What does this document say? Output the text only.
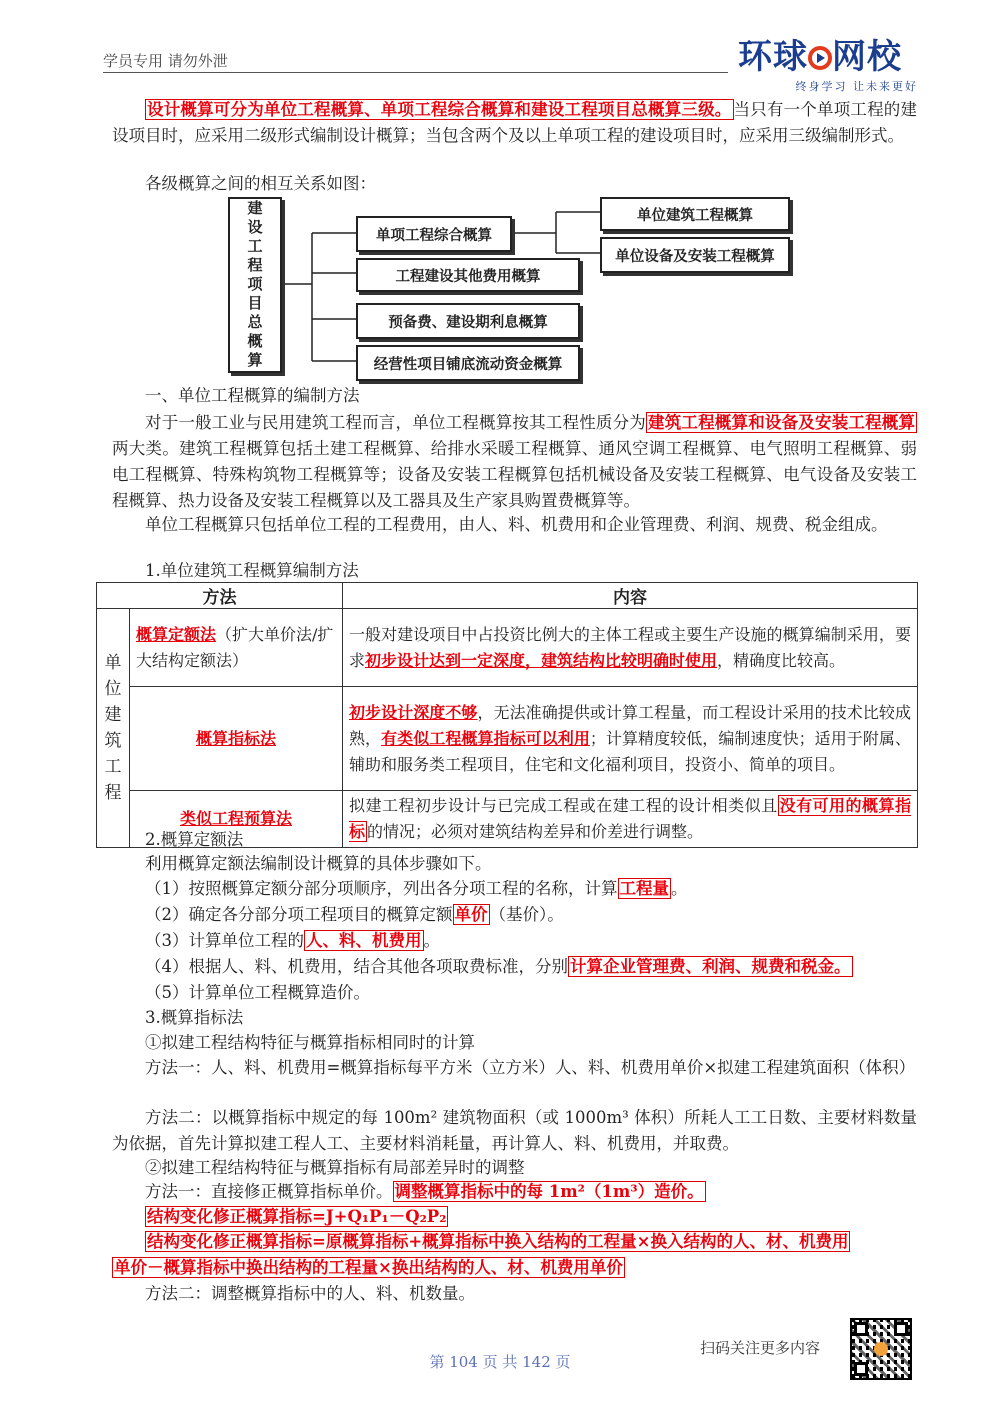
学员专用 请勿外泄	环球 网校
终身学习 让未来更好
设计概算可分为单位工程概算、单项工程综合概算和建设工程项目总概算三级。 当只有一个单项工程的建设项目时，应采用二级形式编制设计概算；当包含两个及以上单项工程的建设项目时，应采用三级编制形式。
各级概算之间的相互关系如图：
建设工程项目总概算	单项工程综合概算
工程建设其他费用概算
预备费、建设期利息概算
经营性项目铺底流动资金概算
单位建筑工程概算
单位设备及安装工程概算
一、单位工程概算的编制方法
对于一般工业与民用建筑工程而言，单位工程概算按其工程性质分为 建筑工程概算和设备及安装工程概算两大类。建筑工程概算包括土建工程概算、给排水采暖工程概算、通风空调工程概算、电气照明工程概算、弱电工程概算、特殊构筑物工程概算等；设备及安装工程概算包括机械设备及安装工程概算、电气设备及安装工程概算、热力设备及安装工程概算以及工器具及生产家具购置费概算等。
单位工程概算只包括单位工程的工程费用，由人、料、机费用和企业管理费、利润、规费、税金组成。
1.单位建筑工程概算编制方法
方法		内容

单位建筑工程	概算定额法（扩大单价法/扩大结构定额法）	一般对建设项目中占投资比例大的主体工程或主要生产设施的概算编制采用，要求初步设计达到一定深度，建筑结构比较明确时使用，精确度比较高。
	概算指标法	初步设计深度不够，无法准确提供或计算工程量，而工程设计采用的技术比较成熟，有类似工程概算指标可以利用；计算精度较低，编制速度快；适用于附属、辅助和服务类工程项目，住宅和文化福利项目，投资小、简单的项目。
	类似工程预算法	拟建工程初步设计与已完成工程或在建工程的设计相类似且 没有可用的概算指标 的情况；必须对建筑结构差异和价差进行调整。
2.概算定额法
利用概算定额法编制设计概算的具体步骤如下。
（1）按照概算定额分部分项顺序，列出各分项工程的名称，计算 工程量 。
（2）确定各分部分项工程项目的概算定额 单价 （基价）。
（3）计算单位工程的 人、料、机费用 。
（4）根据人、料、机费用，结合其他各项取费标准，分别 计算企业管理费、利润、规费和税金。
（5）计算单位工程概算造价。
3.概算指标法
①拟建工程结构特征与概算指标相同时的计算
方法一：人、料、机费用=概算指标每平方米（立方米）人、料、机费用单价×拟建工程建筑面积（体积）
方法二：以概算指标中规定的每 100m² 建筑物面积（或 1000m³ 体积）所耗人工工日数、主要材料数量为依据，首先计算拟建工程人工、主要材料消耗量，再计算人、料、机费用，并取费。
②拟建工程结构特征与概算指标有局部差异时的调整
方法一：直接修正概算指标单价。 调整概算指标中的每 1m²（1m³）造价。
结构变化修正概算指标=J+Q₁P₁－Q₂P₂
结构变化修正概算指标=原概算指标+概算指标中换入结构的工程量×换入结构的人、材、机费用
单价－概算指标中换出结构的工程量×换出结构的人、材、机费用单价
方法二：调整概算指标中的人、料、机数量。
扫码关注更多内容
第 104 页 共 142 页
